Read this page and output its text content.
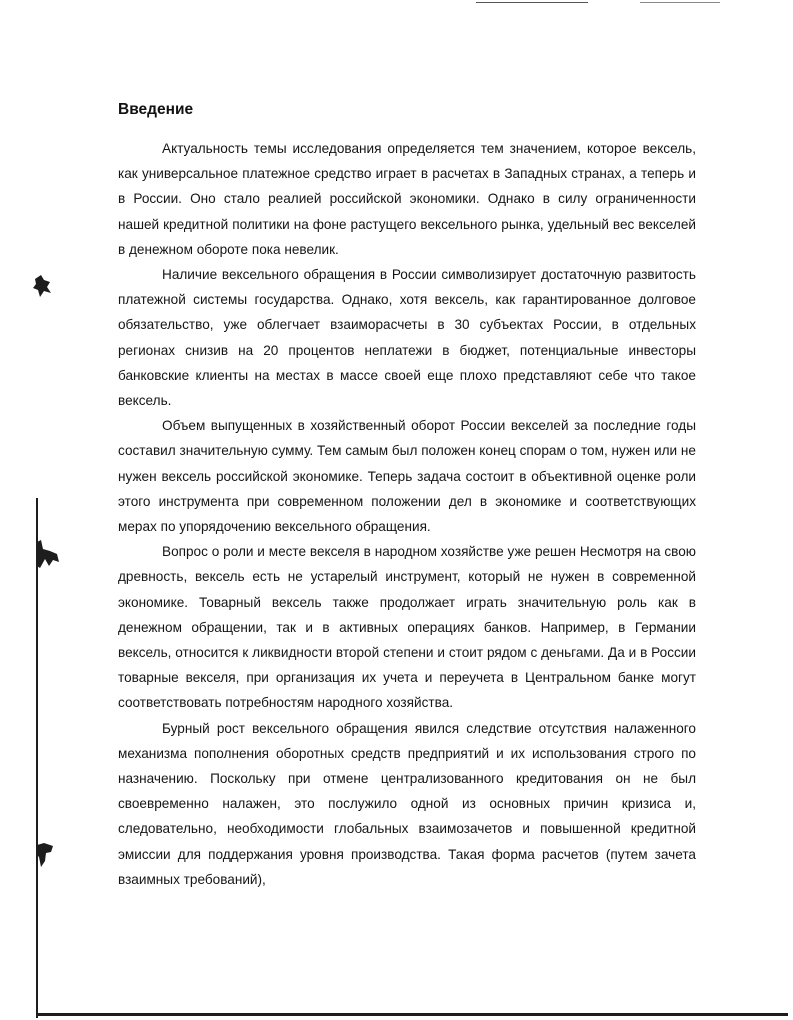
Введение

Актуальность темы исследования определяется тем значением, которое вексель, как универсальное платежное средство играет в расчетах в Западных странах, а теперь и в России. Оно стало реалией российской экономики. Однако в силу ограниченности нашей кредитной политики на фоне растущего вексельного рынка, удельный вес векселей в денежном обороте пока невелик.

Наличие вексельного обращения в России символизирует достаточную развитость платежной системы государства. Однако, хотя вексель, как гарантированное долговое обязательство, уже облегчает взаиморасчеты в 30 субъектах России, в отдельных регионах снизив на 20 процентов неплатежи в бюджет, потенциальные инвесторы банковские клиенты на местах в массе своей еще плохо представляют себе что такое вексель.

Объем выпущенных в хозяйственный оборот России векселей за последние годы составил значительную сумму. Тем самым был положен конец спорам о том, нужен или не нужен вексель российской экономике. Теперь задача состоит в объективной оценке роли этого инструмента при современном положении дел в экономике и соответствующих мерах по упорядочению вексельного обращения.

Вопрос о роли и месте векселя в народном хозяйстве уже решен Несмотря на свою древность, вексель есть не устарелый инструмент, который не нужен в современной экономике. Товарный вексель также продолжает играть значительную роль как в денежном обращении, так и в активных операциях банков. Например, в Германии вексель, относится к ликвидности второй степени и стоит рядом с деньгами. Да и в России товарные векселя, при организация их учета и переучета в Центральном банке могут соответствовать потребностям народного хозяйства.

Бурный рост вексельного обращения явился следствие отсутствия налаженного механизма пополнения оборотных средств предприятий и их использования строго по назначению. Поскольку при отмене централизованного кредитования он не был своевременно налажен, это послужило одной из основных причин кризиса и, следовательно, необходимости глобальных взаимозачетов и повышенной кредитной эмиссии для поддержания уровня производства. Такая форма расчетов (путем зачета взаимных требований),
